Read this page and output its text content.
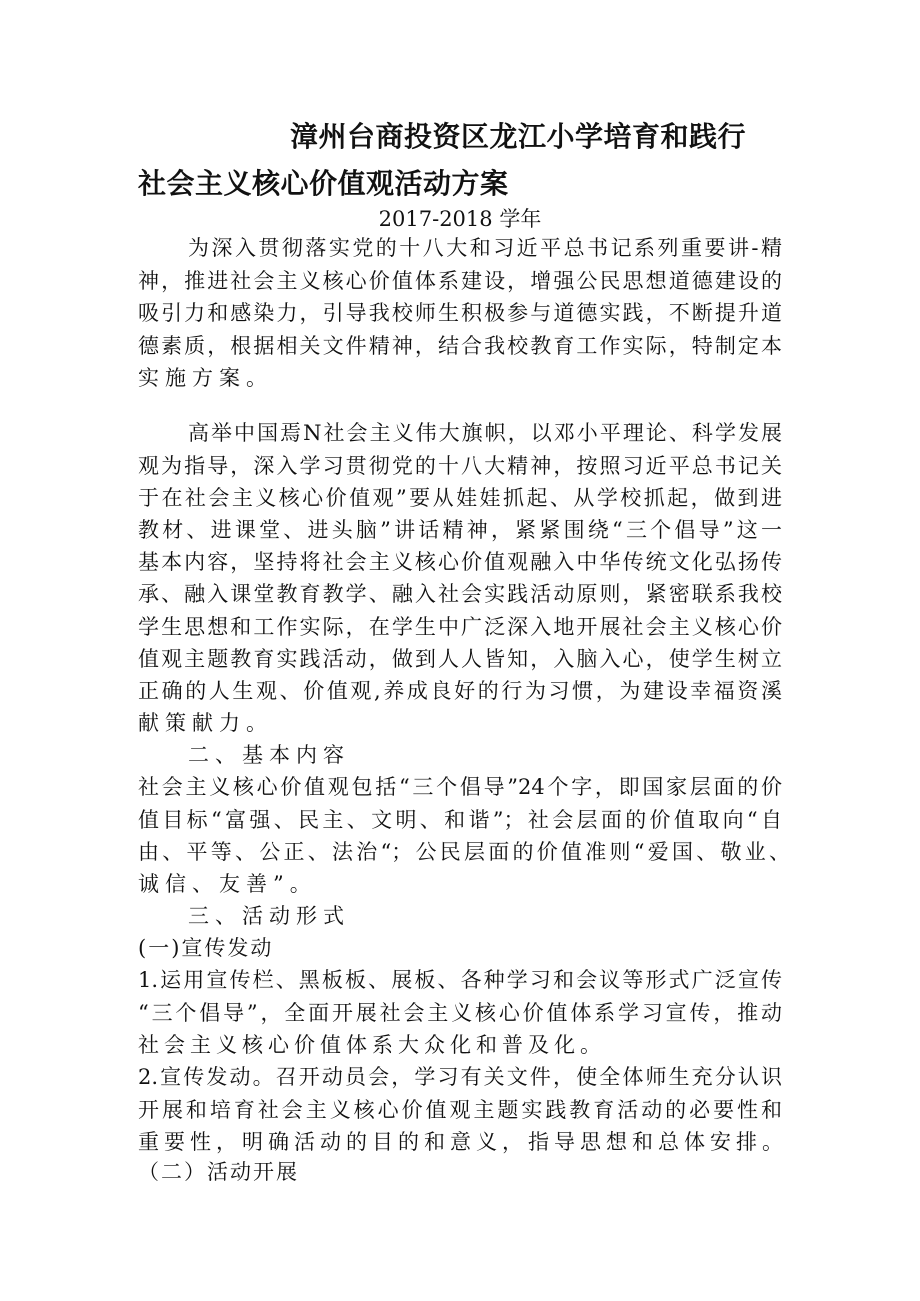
漳州台商投资区龙江小学培育和践行
社会主义核心价值观活动方案
2017-2018 学年
为深入贯彻落实党的十八大和习近平总书记系列重要讲-精
神，推进社会主义核心价值体系建设，增强公民思想道德建设的
吸引力和感染力，引导我校师生积极参与道德实践，不断提升道
德素质，根据相关文件精神，结合我校教育工作实际，特制定本
实施方案。
高举中国焉N社会主义伟大旗帜，以邓小平理论、科学发展
观为指导，深入学习贯彻党的十八大精神，按照习近平总书记关
于在社会主义核心价值观”要从娃娃抓起、从学校抓起，做到进
教材、进课堂、进头脑”讲话精神，紧紧围绕“三个倡导”这一
基本内容，坚持将社会主义核心价值观融入中华传统文化弘扬传
承、融入课堂教育教学、融入社会实践活动原则，紧密联系我校
学生思想和工作实际，在学生中广泛深入地开展社会主义核心价
值观主题教育实践活动，做到人人皆知，入脑入心，使学生树立
正确的人生观、价值观,养成良好的行为习惯，为建设幸福资溪
献策献力。
二、基本内容
社会主义核心价值观包括“三个倡导”24个字，即国家层面的价
值目标“富强、民主、文明、和谐”；社会层面的价值取向“自
由、平等、公正、法治“；公民层面的价值准则“爱国、敬业、
诚信、友善”。
三、活动形式
(一)宣传发动
1.运用宣传栏、黑板板、展板、各种学习和会议等形式广泛宣传
“三个倡导”，全面开展社会主义核心价值体系学习宣传，推动
社会主义核心价值体系大众化和普及化。
2.宣传发动。召开动员会，学习有关文件，使全体师生充分认识
开展和培育社会主义核心价值观主题实践教育活动的必要性和
重要性，明确活动的目的和意义，指导思想和总体安排。
（二）活动开展
